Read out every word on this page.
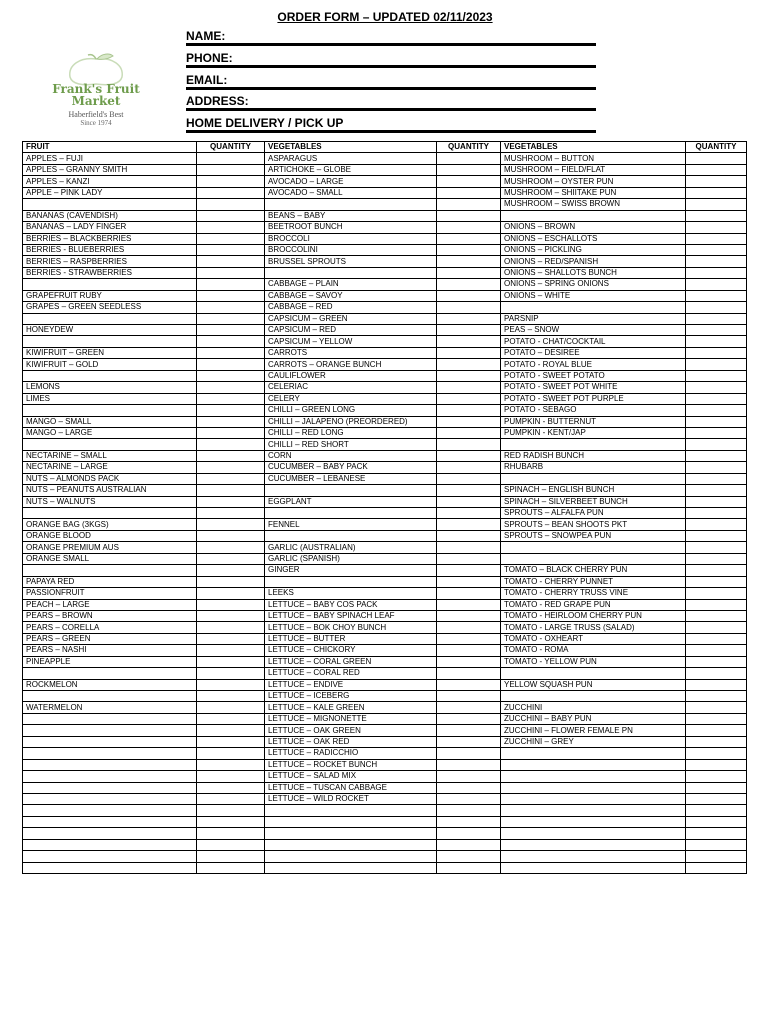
ORDER FORM – UPDATED 02/11/2023
Frank's Fruit
Market
Haberfield's Best
Since 1974
NAME:
PHONE:
EMAIL:
ADDRESS:
HOME DELIVERY / PICK UP
FRUIT	QUANTITY	VEGETABLES	QUANTITY	VEGETABLES	QUANTITY
APPLES – FUJI		ASPARAGUS		MUSHROOM – BUTTON	
APPLES – GRANNY SMITH		ARTICHOKE – GLOBE		MUSHROOM – FIELD/FLAT	
APPLES – KANZI		AVOCADO – LARGE		MUSHROOM – OYSTER PUN	
APPLE – PINK LADY		AVOCADO – SMALL		MUSHROOM – SHIITAKE PUN	
				MUSHROOM – SWISS BROWN	
BANANAS (CAVENDISH)		BEANS – BABY			
BANANAS – LADY FINGER		BEETROOT BUNCH		ONIONS – BROWN	
BERRIES – BLACKBERRIES		BROCCOLI		ONIONS – ESCHALLOTS	
BERRIES - BLUEBERRIES		BROCCOLINI		ONIONS – PICKLING	
BERRIES – RASPBERRIES		BRUSSEL SPROUTS		ONIONS – RED/SPANISH	
BERRIES - STRAWBERRIES				ONIONS – SHALLOTS BUNCH	
		CABBAGE – PLAIN		ONIONS – SPRING ONIONS	
GRAPEFRUIT RUBY		CABBAGE – SAVOY		ONIONS – WHITE	
GRAPES – GREEN SEEDLESS		CABBAGE – RED			
		CAPSICUM – GREEN		PARSNIP	
HONEYDEW		CAPSICUM – RED		PEAS – SNOW	
		CAPSICUM – YELLOW		POTATO - CHAT/COCKTAIL	
KIWIFRUIT – GREEN		CARROTS		POTATO – DESIREE	
KIWIFRUIT – GOLD		CARROTS – ORANGE BUNCH		POTATO - ROYAL BLUE	
		CAULIFLOWER		POTATO - SWEET POTATO	
LEMONS		CELERIAC		POTATO - SWEET POT WHITE	
LIMES		CELERY		POTATO - SWEET POT PURPLE	
		CHILLI – GREEN LONG		POTATO - SEBAGO	
MANGO – SMALL		CHILLI – JALAPENO (PREORDERED)		PUMPKIN - BUTTERNUT	
MANGO – LARGE		CHILLI – RED LONG		PUMPKIN - KENT/JAP	
		CHILLI – RED SHORT			
NECTARINE – SMALL		CORN		RED RADISH BUNCH	
NECTARINE – LARGE		CUCUMBER – BABY PACK		RHUBARB	
NUTS – ALMONDS PACK		CUCUMBER – LEBANESE			
NUTS – PEANUTS AUSTRALIAN				SPINACH – ENGLISH BUNCH	
NUTS – WALNUTS		EGGPLANT		SPINACH – SILVERBEET BUNCH	
				SPROUTS – ALFALFA PUN	
ORANGE BAG (3KGS)		FENNEL		SPROUTS – BEAN SHOOTS PKT	
ORANGE BLOOD				SPROUTS – SNOWPEA PUN	
ORANGE PREMIUM AUS		GARLIC (AUSTRALIAN)			
ORANGE SMALL		GARLIC (SPANISH)			
		GINGER		TOMATO – BLACK CHERRY PUN	
PAPAYA RED				TOMATO - CHERRY PUNNET	
PASSIONFRUIT		LEEKS		TOMATO - CHERRY TRUSS VINE	
PEACH – LARGE		LETTUCE – BABY COS PACK		TOMATO - RED GRAPE PUN	
PEARS – BROWN		LETTUCE – BABY SPINACH LEAF		TOMATO - HEIRLOOM CHERRY PUN	
PEARS – CORELLA		LETTUCE – BOK CHOY BUNCH		TOMATO - LARGE TRUSS (SALAD)	
PEARS – GREEN		LETTUCE – BUTTER		TOMATO - OXHEART	
PEARS – NASHI		LETTUCE – CHICKORY		TOMATO - ROMA	
PINEAPPLE		LETTUCE – CORAL GREEN		TOMATO - YELLOW PUN	
		LETTUCE – CORAL RED			
ROCKMELON		LETTUCE – ENDIVE		YELLOW SQUASH PUN	
		LETTUCE – ICEBERG			
WATERMELON		LETTUCE – KALE GREEN		ZUCCHINI	
		LETTUCE – MIGNONETTE		ZUCCHINI – BABY PUN	
		LETTUCE – OAK GREEN		ZUCCHINI – FLOWER FEMALE PN	
		LETTUCE – OAK RED		ZUCCHINI – GREY	
		LETTUCE – RADICCHIO			
		LETTUCE – ROCKET BUNCH			
		LETTUCE – SALAD MIX			
		LETTUCE – TUSCAN CABBAGE			
		LETTUCE – WILD ROCKET			
